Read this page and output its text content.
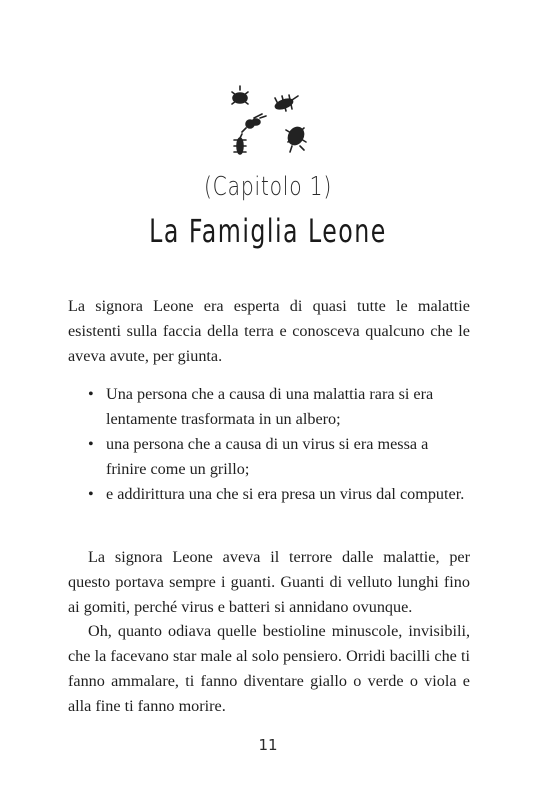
(Capitolo 1)
La Famiglia Leone

La signora Leone era esperta di quasi tutte le malattie esistenti sulla faccia della terra e conosceva qualcuno che le aveva avute, per giunta.

• Una persona che a causa di una malattia rara si era lentamente trasformata in un albero;
• una persona che a causa di un virus si era messa a frinire come un grillo;
• e addirittura una che si era presa un virus dal computer.

La signora Leone aveva il terrore dalle malattie, per questo portava sempre i guanti. Guanti di velluto lunghi fino ai gomiti, perché virus e batteri si annidano ovunque.

Oh, quanto odiava quelle bestioline minuscole, invisibili, che la facevano star male al solo pensiero. Orridi bacilli che ti fanno ammalare, ti fanno diventare giallo o verde o viola e alla fine ti fanno morire.

11
